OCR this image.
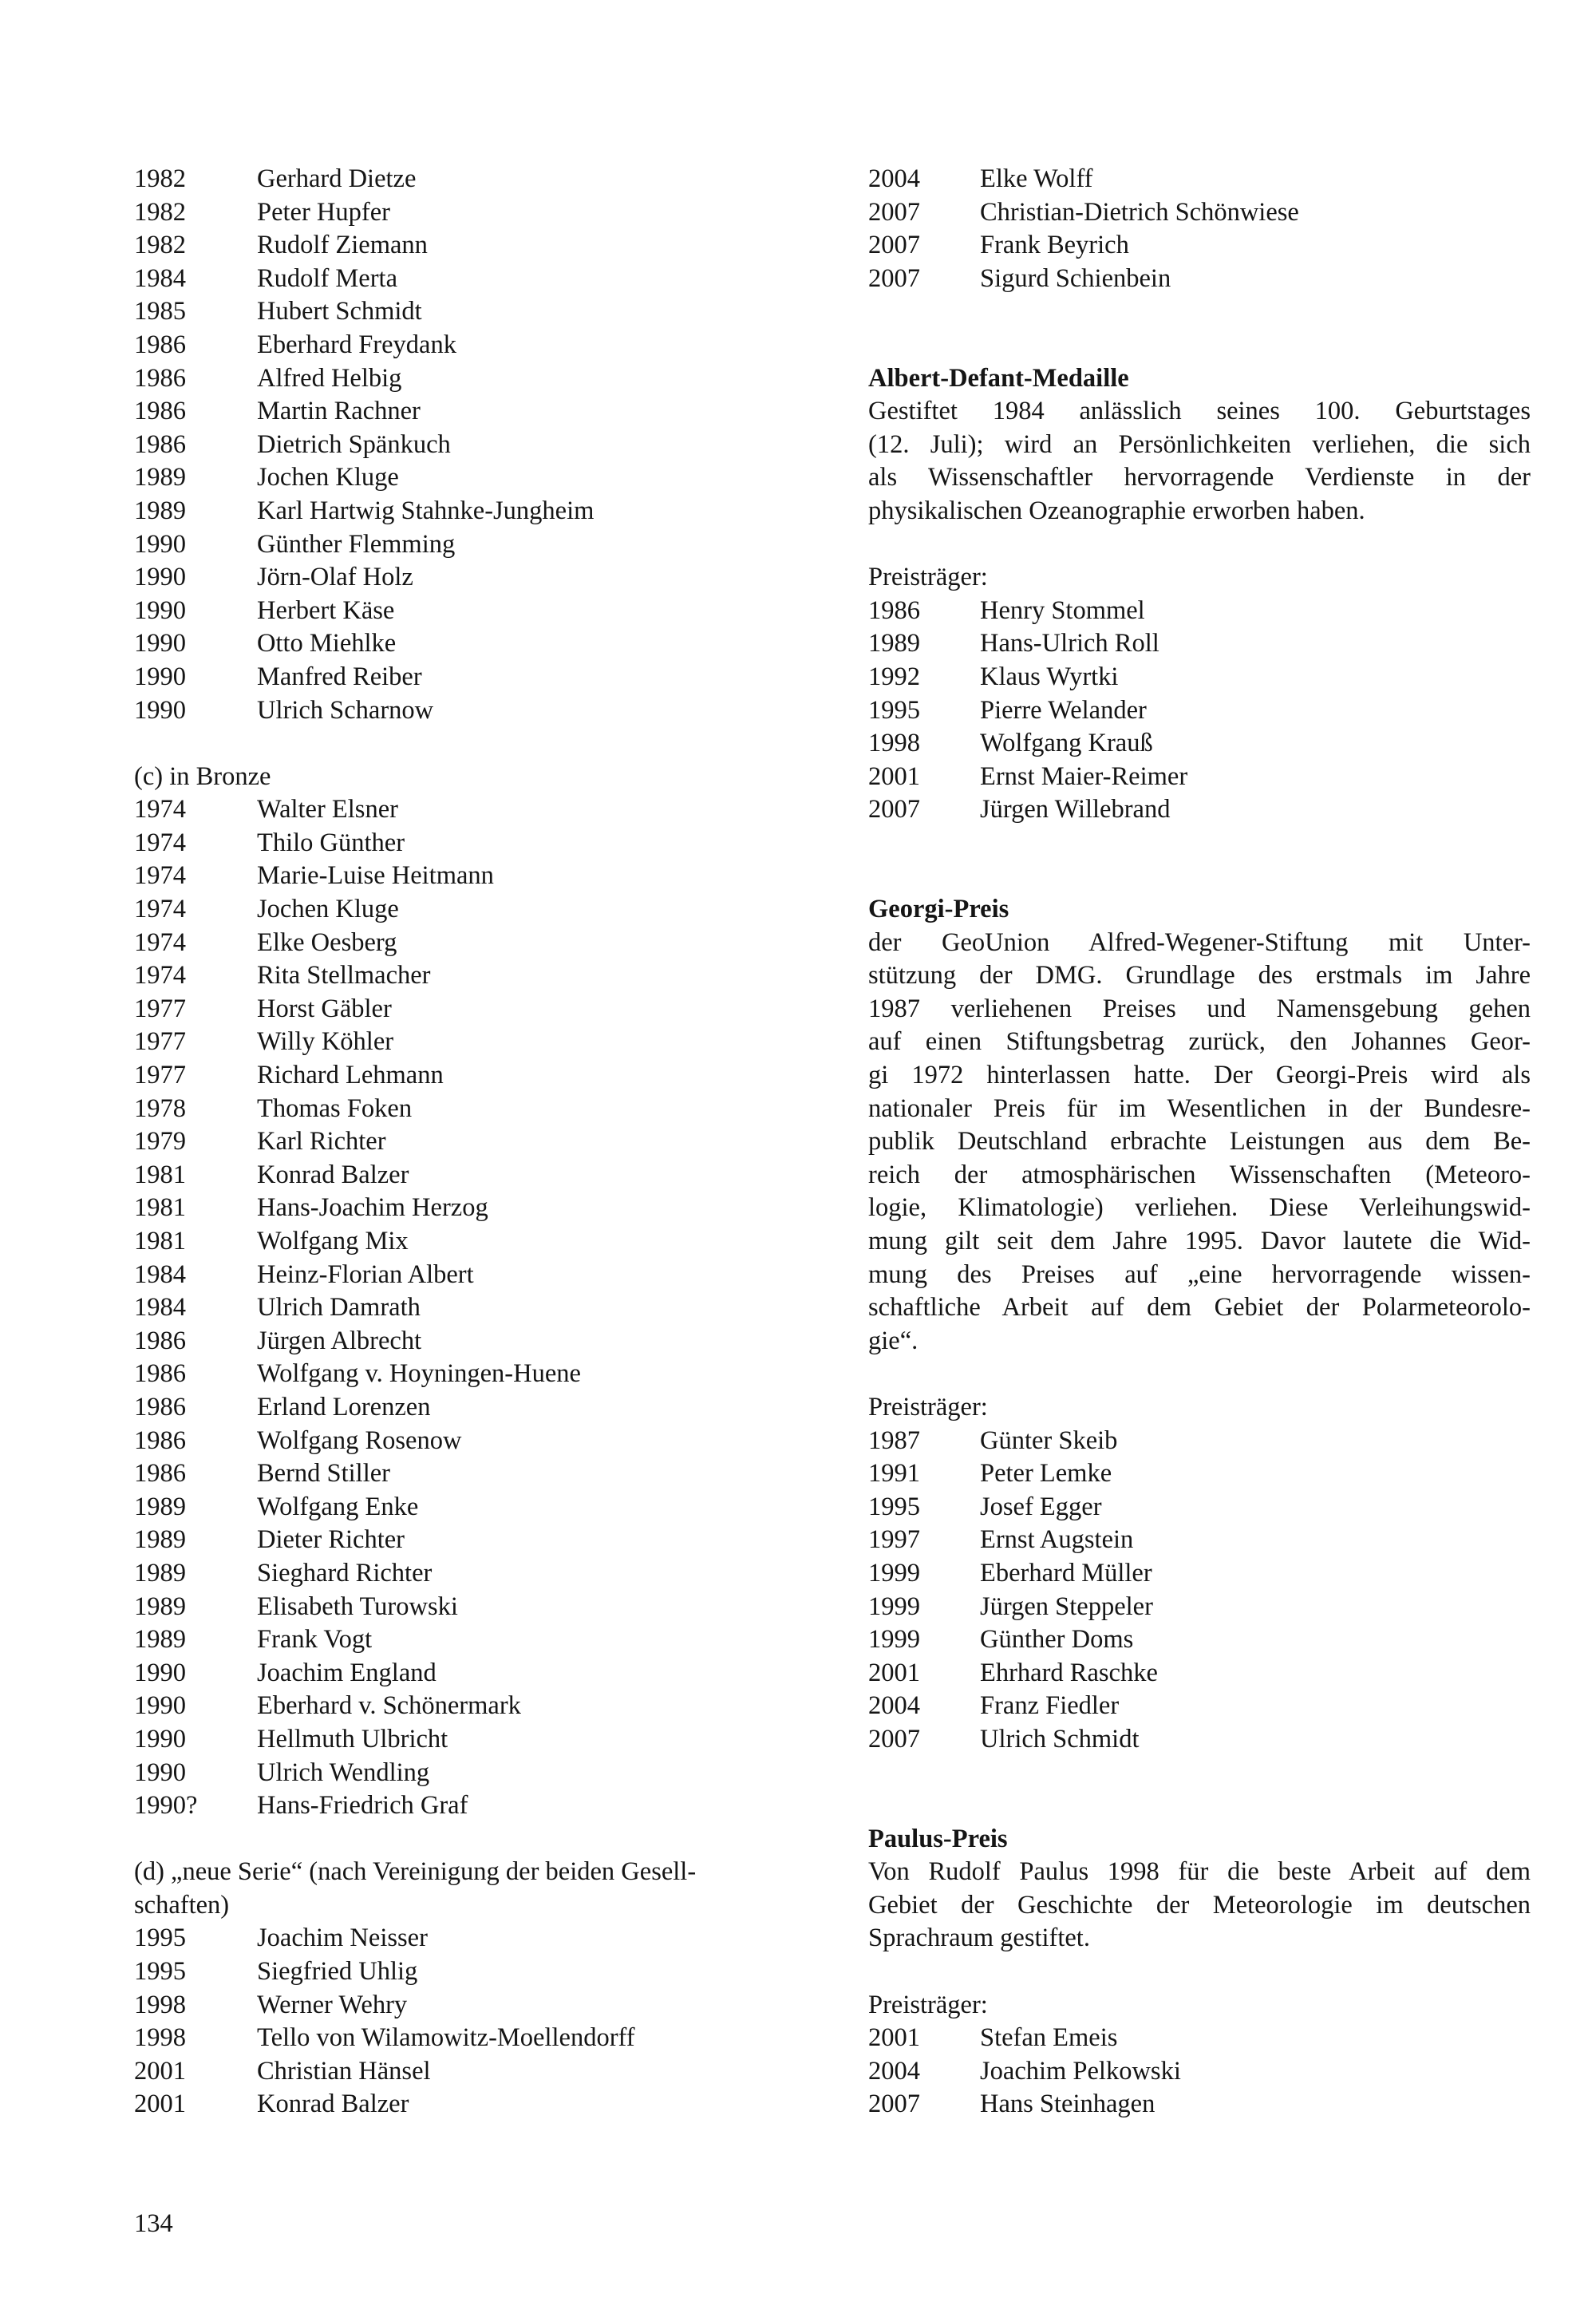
1982	Gerhard Dietze
1982	Peter Hupfer
1982	Rudolf Ziemann
1984	Rudolf Merta
1985	Hubert Schmidt
1986	Eberhard Freydank
1986	Alfred Helbig
1986	Martin Rachner
1986	Dietrich Spänkuch
1989	Jochen Kluge
1989	Karl Hartwig Stahnke-Jungheim
1990	Günther Flemming
1990	Jörn-Olaf Holz
1990	Herbert Käse
1990	Otto Miehlke
1990	Manfred Reiber
1990	Ulrich Scharnow
(c) in Bronze
1974	Walter Elsner
1974	Thilo Günther
1974	Marie-Luise Heitmann
1974	Jochen Kluge
1974	Elke Oesberg
1974	Rita Stellmacher
1977	Horst Gäbler
1977	Willy Köhler
1977	Richard Lehmann
1978	Thomas Foken
1979	Karl Richter
1981	Konrad Balzer
1981	Hans-Joachim Herzog
1981	Wolfgang Mix
1984	Heinz-Florian Albert
1984	Ulrich Damrath
1986	Jürgen Albrecht
1986	Wolfgang v. Hoyningen-Huene
1986	Erland Lorenzen
1986	Wolfgang Rosenow
1986	Bernd Stiller
1989	Wolfgang Enke
1989	Dieter Richter
1989	Sieghard Richter
1989	Elisabeth Turowski
1989	Frank Vogt
1990	Joachim England
1990	Eberhard v. Schönermark
1990	Hellmuth Ulbricht
1990	Ulrich Wendling
1990?	Hans-Friedrich Graf
(d) „neue Serie“ (nach Vereinigung der beiden Gesell-
schaften)
1995	Joachim Neisser
1995	Siegfried Uhlig
1998	Werner Wehry
1998	Tello von Wilamowitz-Moellendorff
2001	Christian Hänsel
2001	Konrad Balzer
2004	Elke Wolff
2007	Christian-Dietrich Schönwiese
2007	Frank Beyrich
2007	Sigurd Schienbein
Albert-Defant-Medaille
Gestiftet 1984 anlässlich seines 100. Geburtstages
(12. Juli); wird an Persönlichkeiten verliehen, die sich
als Wissenschaftler hervorragende Verdienste in der
physikalischen Ozeanographie erworben haben.
Preisträger:
1986	Henry Stommel
1989	Hans-Ulrich Roll
1992	Klaus Wyrtki
1995	Pierre Welander
1998	Wolfgang Krauß
2001	Ernst Maier-Reimer
2007	Jürgen Willebrand
Georgi-Preis
der GeoUnion Alfred-Wegener-Stiftung mit Unter-
stützung der DMG. Grundlage des erstmals im Jahre
1987 verliehenen Preises und Namensgebung gehen
auf einen Stiftungsbetrag zurück, den Johannes Geor-
gi 1972 hinterlassen hatte. Der Georgi-Preis wird als
nationaler Preis für im Wesentlichen in der Bundesre-
publik Deutschland erbrachte Leistungen aus dem Be-
reich der atmosphärischen Wissenschaften (Meteoro-
logie, Klimatologie) verliehen. Diese Verleihungswid-
mung gilt seit dem Jahre 1995. Davor lautete die Wid-
mung des Preises auf „eine hervorragende wissen-
schaftliche Arbeit auf dem Gebiet der Polarmeteorolo-
gie“.
Preisträger:
1987	Günter Skeib
1991	Peter Lemke
1995	Josef Egger
1997	Ernst Augstein
1999	Eberhard Müller
1999	Jürgen Steppeler
1999	Günther Doms
2001	Ehrhard Raschke
2004	Franz Fiedler
2007	Ulrich Schmidt
Paulus-Preis
Von Rudolf Paulus 1998 für die beste Arbeit auf dem
Gebiet der Geschichte der Meteorologie im deutschen
Sprachraum gestiftet.
Preisträger:
2001	Stefan Emeis
2004	Joachim Pelkowski
2007	Hans Steinhagen
134
